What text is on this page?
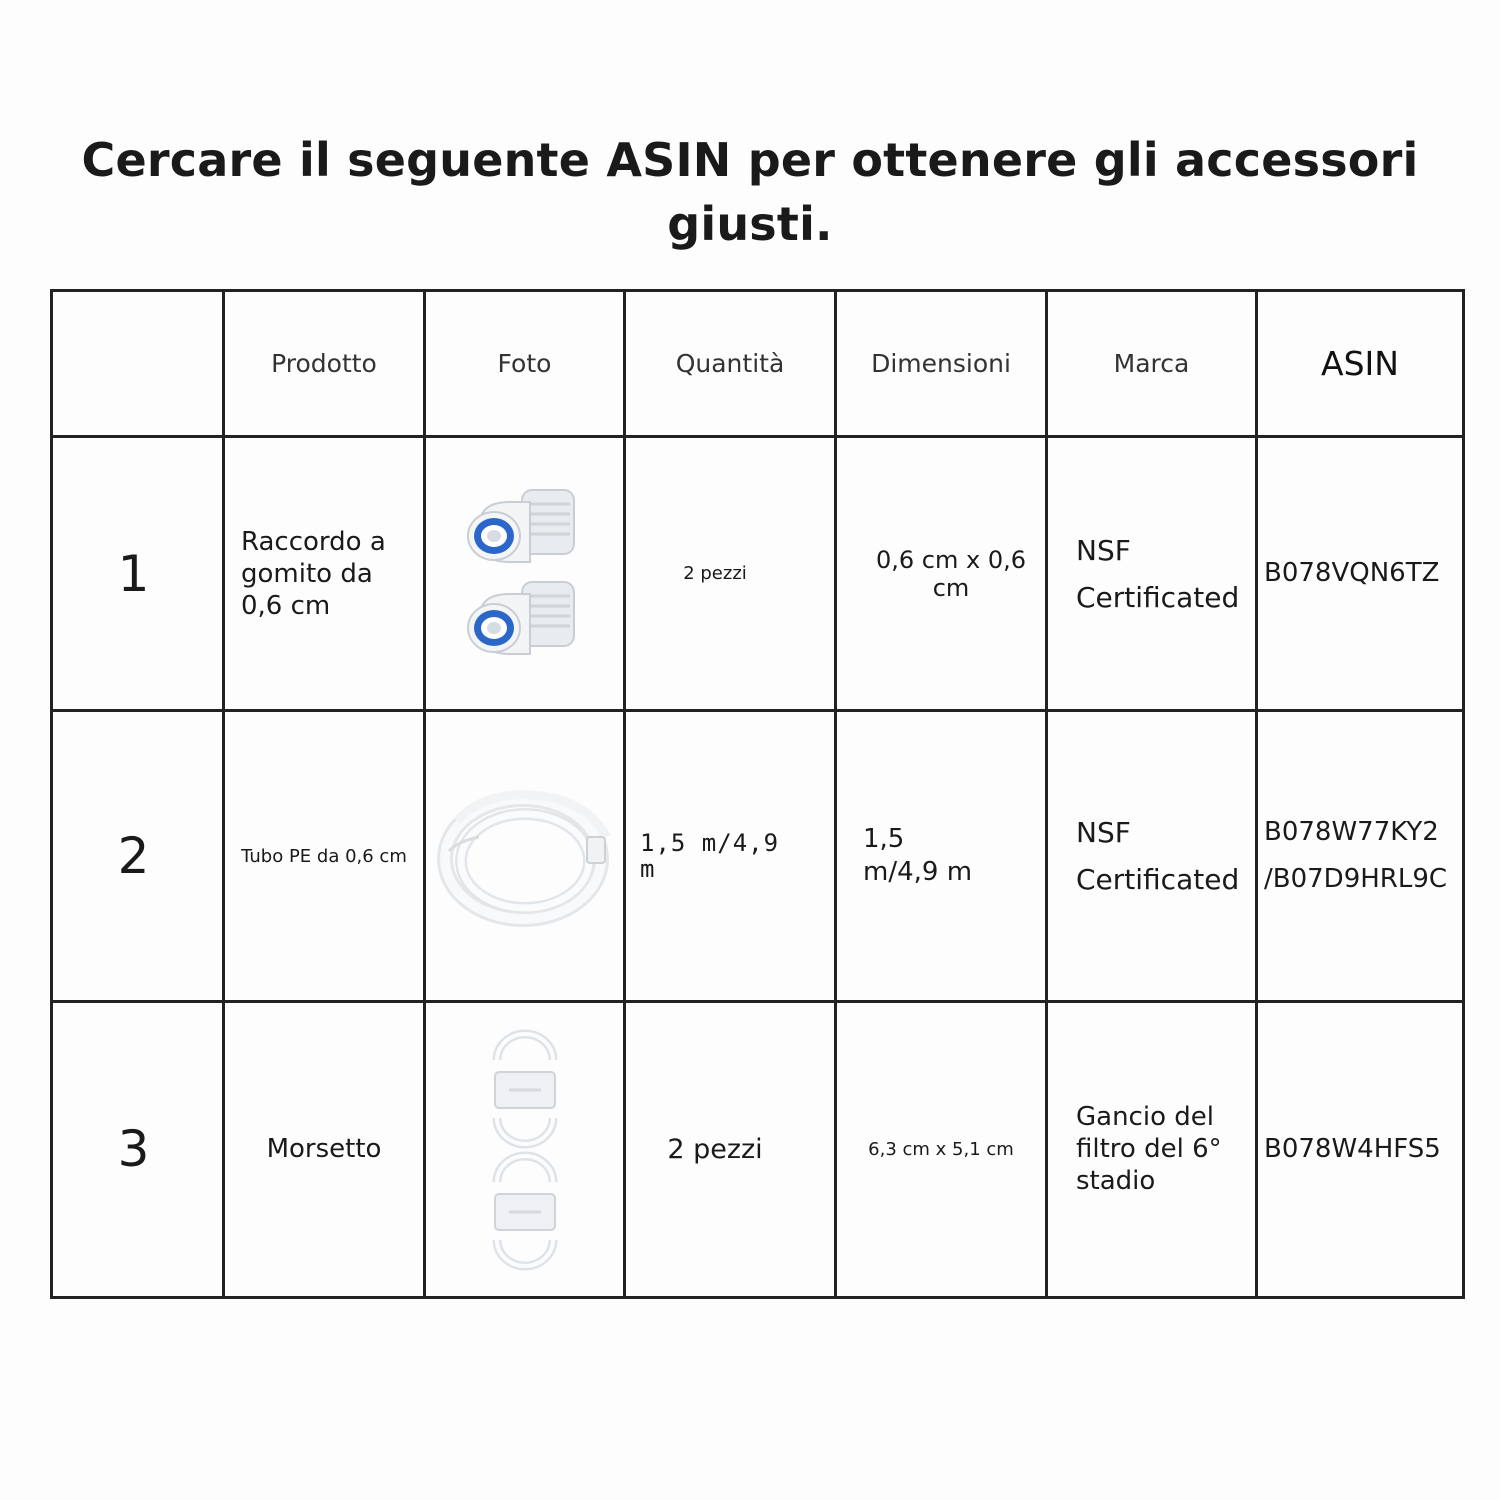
Cercare il seguente ASIN per ottenere gli accessori giusti.
	Prodotto	Foto	Quantità	Dimensioni	Marca	ASIN
1	Raccordo a
gomito da
0,6 cm		2 pezzi	0,6 cm x 0,6 cm	NSF
Certificated	B078VQN6TZ
2	Tubo PE da 0,6 cm		1,5 m/4,9
m	1,5
m/4,9 m	NSF
Certificated	B078W77KY2
/B07D9HRL9C
3	Morsetto		2 pezzi	6,3 cm x 5,1 cm	Gancio del
filtro del 6°
stadio	B078W4HFS5
